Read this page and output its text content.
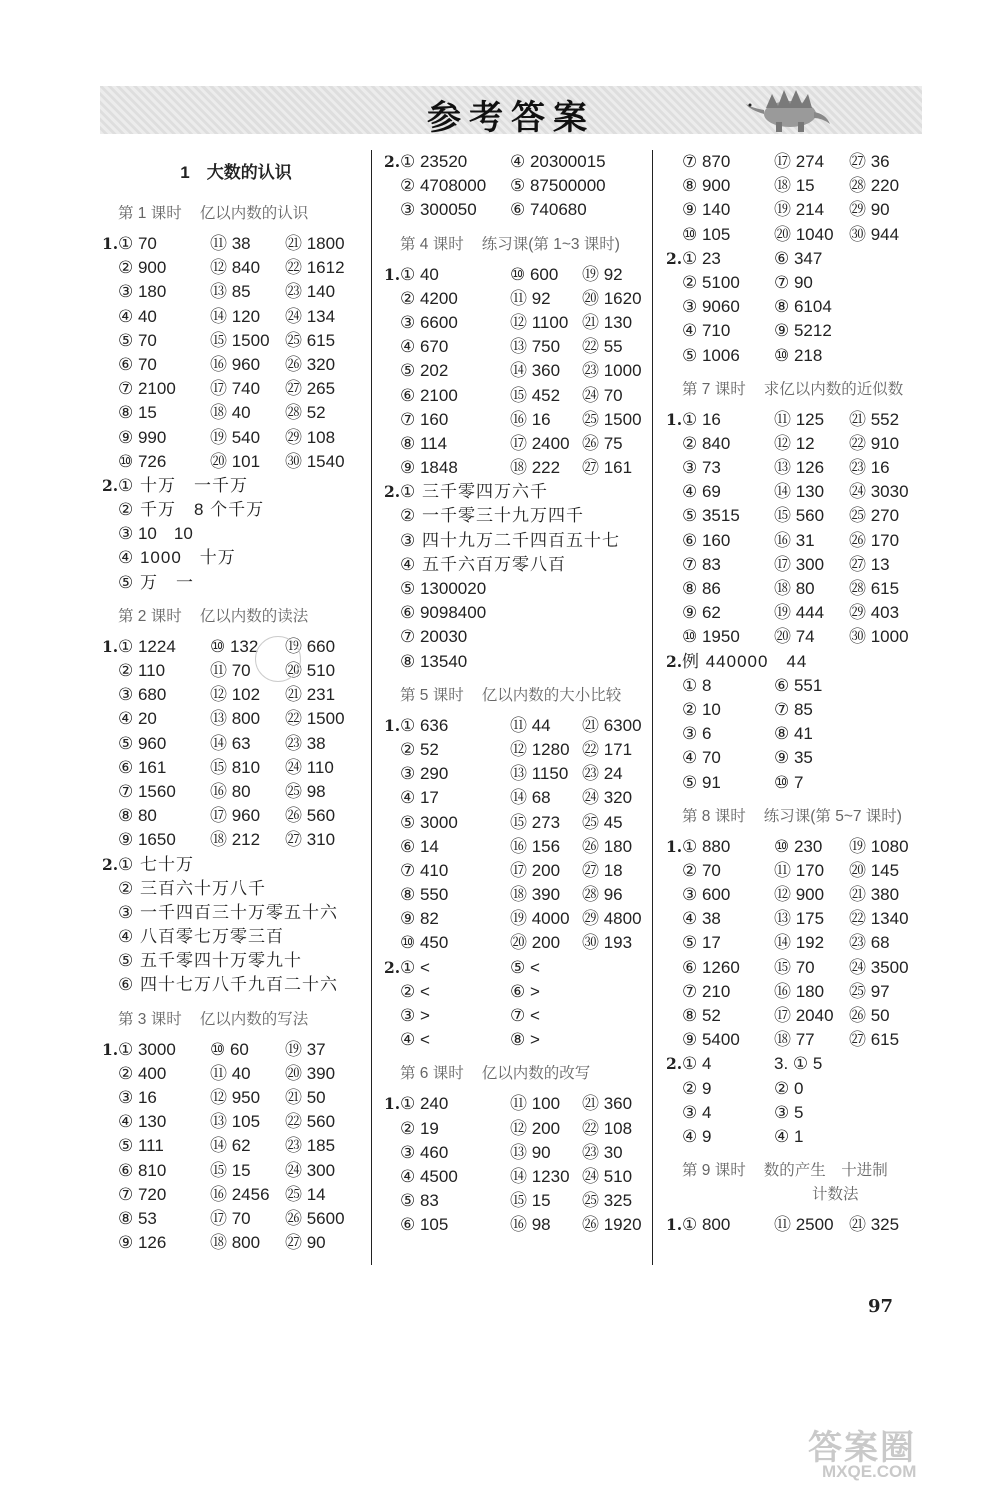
参考答案
1　大数的认识
第 1 课时 亿以内数的认识
1. ① 70	⑪ 38 ㉑ 1800
② 900	⑫ 840 ㉒ 1612
③ 180	⑬ 85 ㉓ 140
④ 40	⑭ 120 ㉔ 134
⑤ 70	⑮ 1500 ㉕ 615
⑥ 70	⑯ 960 ㉖ 320
⑦ 2100 ⑰ 740 ㉗ 265
⑧ 15	⑱ 40 ㉘ 52
⑨ 990	⑲ 540 ㉙ 108
⑩ 726	⑳ 101 ㉚ 1540
2. ① 十万　一千万
② 千万　8 个千万
③ 10　10
④ 1000　十万
⑤ 万　一
第 2 课时 亿以内数的读法
1. ① 1224 ⑩ 132 ⑲ 660
② 110	⑪ 70 ⑳ 510
③ 680	⑫ 102 ㉑ 231
④ 20	⑬ 800 ㉒ 1500
⑤ 960	⑭ 63 ㉓ 38
⑥ 161	⑮ 810 ㉔ 110
⑦ 1560 ⑯ 80 ㉕ 98
⑧ 80	⑰ 960 ㉖ 560
⑨ 1650 ⑱ 212 ㉗ 310
2. ① 七十万
② 三百六十万八千
③ 一千四百三十万零五十六
④ 八百零七万零三百
⑤ 五千零四十万零九十
⑥ 四十七万八千九百二十六
第 3 课时 亿以内数的写法
1. ① 3000 ⑩ 60 ⑲ 37
② 400	⑪ 40 ⑳ 390
③ 16	⑫ 950 ㉑ 50
④ 130	⑬ 105 ㉒ 560
⑤ 111	⑭ 62 ㉓ 185
⑥ 810	⑮ 15 ㉔ 300
⑦ 720	⑯ 2456 ㉕ 14
⑧ 53	⑰ 70 ㉖ 5600
⑨ 126	⑱ 800 ㉗ 90
2. ① 23520	④ 20300015
② 4708000 ⑤ 87500000
③ 300050 ⑥ 740680
第 4 课时 练习课(第 1~3 课时)
1. ① 40	⑩ 600 ⑲ 92
② 4200	⑪ 92 ⑳ 1620
③ 6600	⑫ 1100 ㉑ 130
④ 670	⑬ 750 ㉒ 55
⑤ 202	⑭ 360 ㉓ 1000
⑥ 2100	⑮ 452 ㉔ 70
⑦ 160	⑯ 16 ㉕ 1500
⑧ 114	⑰ 2400 ㉖ 75
⑨ 1848	⑱ 222 ㉗ 161
2. ① 三千零四万六千
② 一千零三十九万四千
③ 四十九万二千四百五十七
④ 五千六百万零八百
⑤ 1300020
⑥ 9098400
⑦ 20030
⑧ 13540
第 5 课时 亿以内数的大小比较
1. ① 636	⑪ 44 ㉑ 6300
② 52	⑫ 1280 ㉒ 171
③ 290	⑬ 1150 ㉓ 24
④ 17	⑭ 68 ㉔ 320
⑤ 3000	⑮ 273 ㉕ 45
⑥ 14	⑯ 156 ㉖ 180
⑦ 410	⑰ 200 ㉗ 18
⑧ 550	⑱ 390 ㉘ 96
⑨ 82	⑲ 4000 ㉙ 4800
⑩ 450	⑳ 200 ㉚ 193
2. ① <	⑤ <
② <	⑥ >
③ >	⑦ <
④ <	⑧ >
第 6 课时 亿以内数的改写
1. ① 240	⑪ 100 ㉑ 360
② 19	⑫ 200 ㉒ 108
③ 460	⑬ 90 ㉓ 30
④ 4500	⑭ 1230 ㉔ 510
⑤ 83	⑮ 15 ㉕ 325
⑥ 105	⑯ 98 ㉖ 1920
⑦ 870	⑰ 274 ㉗ 36
⑧ 900	⑱ 15 ㉘ 220
⑨ 140	⑲ 214 ㉙ 90
⑩ 105	⑳ 1040 ㉚ 944
2. ① 23	⑥ 347
② 5100 ⑦ 90
③ 9060 ⑧ 6104
④ 710	⑨ 5212
⑤ 1006 ⑩ 218
第 7 课时 求亿以内数的近似数
1. ① 16	⑪ 125 ㉑ 552
② 840	⑫ 12 ㉒ 910
③ 73	⑬ 126 ㉓ 16
④ 69	⑭ 130 ㉔ 3030
⑤ 3515 ⑮ 560 ㉕ 270
⑥ 160	⑯ 31 ㉖ 170
⑦ 83	⑰ 300 ㉗ 13
⑧ 86	⑱ 80 ㉘ 615
⑨ 62	⑲ 444 ㉙ 403
⑩ 1950 ⑳ 74 ㉚ 1000
2. 例 440000　44
① 8	⑥ 551
② 10	⑦ 85
③ 6	⑧ 41
④ 70	⑨ 35
⑤ 91	⑩ 7
第 8 课时 练习课(第 5~7 课时)
1. ① 880	⑩ 230 ⑲ 1080
② 70	⑪ 170 ⑳ 145
③ 600	⑫ 900 ㉑ 380
④ 38	⑬ 175 ㉒ 1340
⑤ 17	⑭ 192 ㉓ 68
⑥ 1260 ⑮ 70 ㉔ 3500
⑦ 210	⑯ 180 ㉕ 97
⑧ 52	⑰ 2040 ㉖ 50
⑨ 5400 ⑱ 77 ㉗ 615
2. ① 4	3. ① 5
② 9	② 0
③ 4	③ 5
④ 9	④ 1
第 9 课时 数的产生　十进制
计数法
1. ① 800	⑪ 2500 ㉑ 325
97
答案圈
MXQE.COM
